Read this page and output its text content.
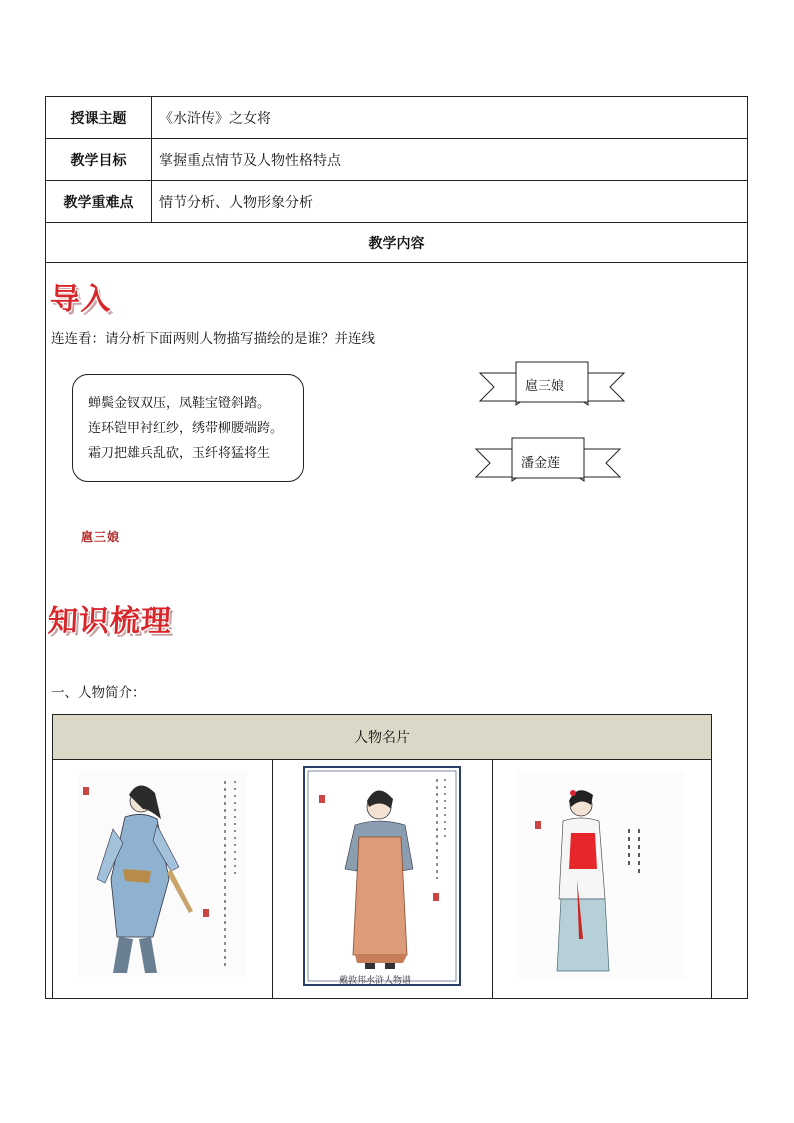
授课主题	《水浒传》之女将
教学目标	掌握重点情节及人物性格特点
教学重难点	情节分析、人物形象分析
教学内容
导入
连连看：请分析下面两则人物描写描绘的是谁？并连线
蝉鬓金钗双压，凤鞋宝镫斜踏。
连环铠甲衬红纱，绣带柳腰端跨。
霜刀把雄兵乱砍，玉纤将猛将生
扈三娘
潘金莲
扈三娘
知识梳理
一、人物简介：
人物名片
戴敦邦水浒人物谱
